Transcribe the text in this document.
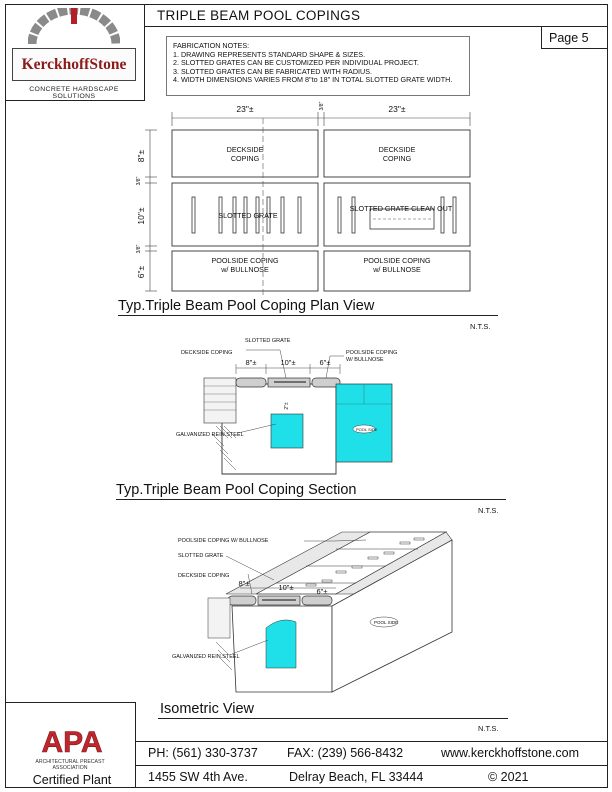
KerckhoffStone
CONCRETE HARDSCAPE SOLUTIONS
TRIPLE BEAM POOL COPINGS
Page 5
FABRICATION NOTES:
1. DRAWING REPRESENTS STANDARD SHAPE & SIZES.
2. SLOTTED GRATES CAN BE CUSTOMIZED PER INDIVIDUAL PROJECT.
3. SLOTTED GRATES CAN BE FABRICATED WITH RADIUS.
4. WIDTH DIMENSIONS VARIES FROM 8"to 18" IN TOTAL SLOTTED GRATE WIDTH.
23"±	23"±
DECKSIDE
COPING
DECKSIDE
COPING
SLOTTED GRATE
SLOTTED GRATE CLEAN OUT
POOLSIDE COPING
w/ BULLNOSE
POOLSIDE COPING
w/ BULLNOSE
8"±
10"±
6"±
3/8"
3/8"
3/8"
Typ.Triple Beam Pool Coping Plan View
N.T.S.
SLOTTED GRATE
DECKSIDE COPING	POOLSIDE COPING
W/ BULLNOSE
GALVANIZED REIN.STEEL
POOL SIDE
8"±	10"±	6"±
2"±
Typ.Triple Beam Pool Coping Section
N.T.S.
POOLSIDE COPING W/ BULLNOSE
SLOTTED GRATE
DECKSIDE COPING
GALVANIZED REIN.STEEL
POOL SIDE
8"±	10"±	6"±
Isometric View
N.T.S.
APA
ARCHITECTURAL PRECAST
ASSOCIATION
Certified Plant
PH: (561) 330-3737 FAX: (239) 566-8432	www.kerckhoffstone.com
1455 SW 4th Ave.	Delray Beach, FL 33444	© 2021
